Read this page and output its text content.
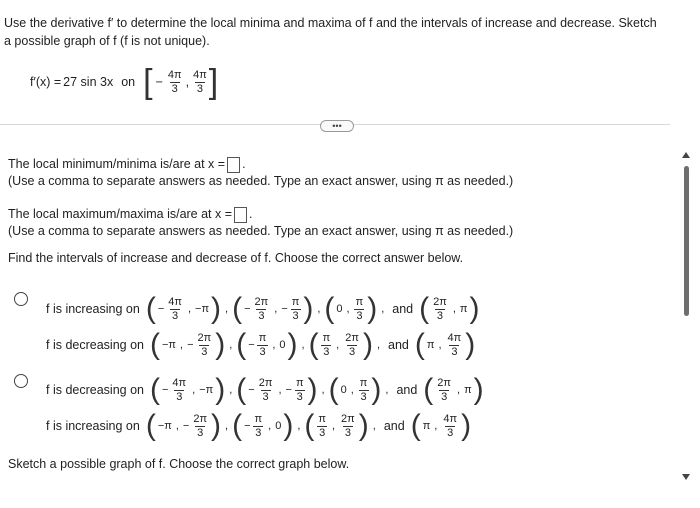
Use the derivative f′ to determine the local minima and maxima of f and the intervals of increase and decrease. Sketch
a possible graph of f (f is not unique).
f′(x) = 27 sin 3x on [ − $\frac{4\pi}{3}$ , $\frac{4\pi}{3}$ ]
•••
The local minimum/minima is/are at x = .
(Use a comma to separate answers as needed. Type an exact answer, using π as needed.)
The local maximum/maxima is/are at x = .
(Use a comma to separate answers as needed. Type an exact answer, using π as needed.)
Find the intervals of increase and decrease of f. Choose the correct answer below.
f is increasing on ( − $\frac{4\pi}{3}$ , −π ) , ( − $\frac{2\pi}{3}$ , − $\frac{\pi}{3}$ ) , ( 0 , $\frac{\pi}{3}$ ) , and ( $\frac{2\pi}{3}$ , π )
f is decreasing on ( −π , − $\frac{2\pi}{3}$ ) , ( − $\frac{\pi}{3}$ , 0 ) , ( $\frac{\pi}{3}$ , $\frac{2\pi}{3}$ ) , and ( π , $\frac{4\pi}{3}$ )
f is decreasing on ( − $\frac{4\pi}{3}$ , −π ) , ( − $\frac{2\pi}{3}$ , − $\frac{\pi}{3}$ ) , ( 0 , $\frac{\pi}{3}$ ) , and ( $\frac{2\pi}{3}$ , π )
f is increasing on ( −π , − $\frac{2\pi}{3}$ ) , ( − $\frac{\pi}{3}$ , 0 ) , ( $\frac{\pi}{3}$ , $\frac{2\pi}{3}$ ) , and ( π , $\frac{4\pi}{3}$ )
Sketch a possible graph of f. Choose the correct graph below.
